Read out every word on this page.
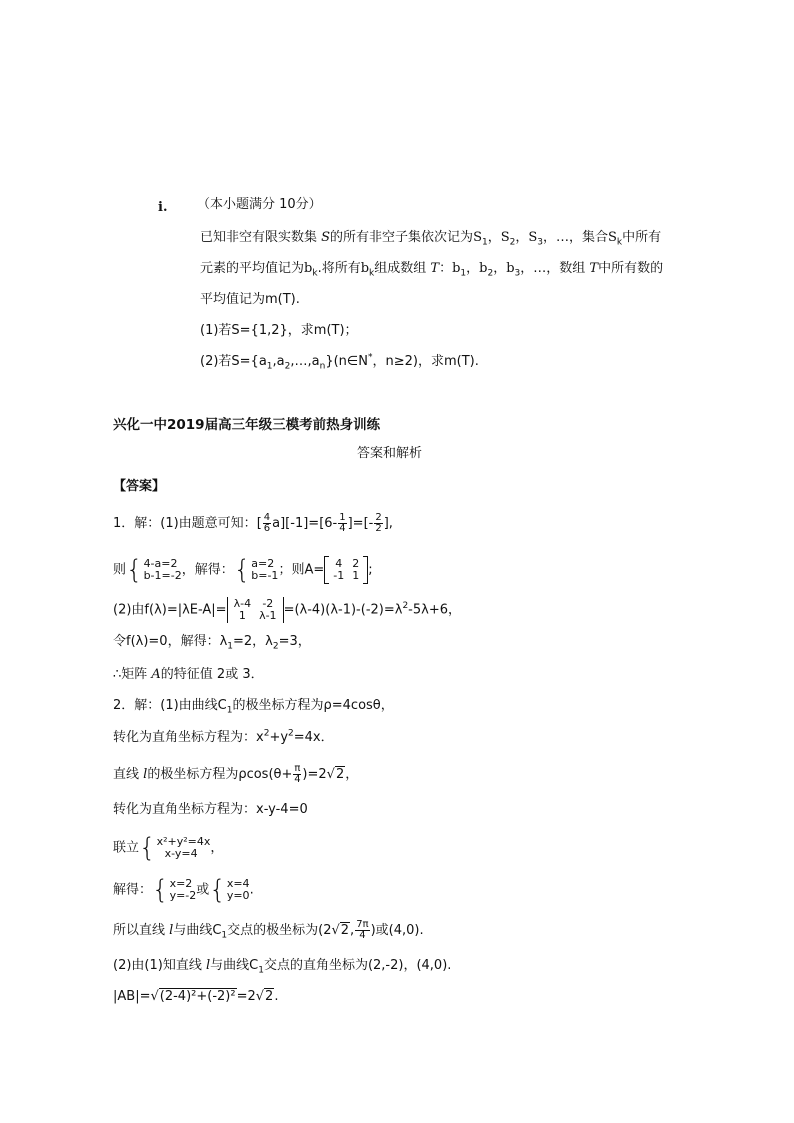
i. （本小题满分 10分）
已知非空有限实数集 S的所有非空子集依次记为$S_1$，$S_2$，$S_3$，…，集合$S_k$中所有
元素的平均值记为$b_k$.将所有$b_k$组成数组 T：$b_1$，$b_2$，$b_3$，…，数组 T中所有数的
平均值记为m(T).
(1)若S={1,2}，求m(T)；
(2)若$S=\{a_1,a_2,\dots,a_n\}(n\in N^*$，n≥2)，求m(T).
兴化一中2019届高三年级三模考前热身训练
答案和解析
【答案】
1．解：(1)由题意可知：[ $\frac{4}{6} a][-1]=[6- \frac{1}{4}$ ]=[- $\frac{2}{2}$ ],
则 { 4-a=2
b-1=-2 ，解得： { a=2
b=-1 ；则A= 4	2
-1	1 ;
(2)由f(λ)=|λE-A|= λ-4	-2
1	$\lambda-1 =(\lambda-4)(\lambda-1)-(-2)=\lambda^2-5\lambda+6$，
令f(λ)=0，解得：$\lambda_1=2$，$\lambda_2=3$，
∴矩阵 A的特征值 2或 3．
2．解：(1)由曲线$C_1$的极坐标方程为ρ=4cosθ，
转化为直角坐标方程为：$x^2+y^2=4x$．
直线 l的极坐标方程为$\rho\cos(\theta+ \frac{\pi}{4} )=2√2$，
转化为直角坐标方程为：x-y-4=0
联立 { x²+y²=4x
x-y=4 ，
解得： { x=2
y=-2 或 { x=4
y=0 .
所以直线 l与曲线$C_1$交点的极坐标为(2√2, $\frac{7\pi}{4}$ )或(4,0).
(2)由(1)知直线 l与曲线$C_1$交点的直角坐标为(2,-2)，(4,0).
|AB|=√(2-4)²+(-2)²=2√2.
